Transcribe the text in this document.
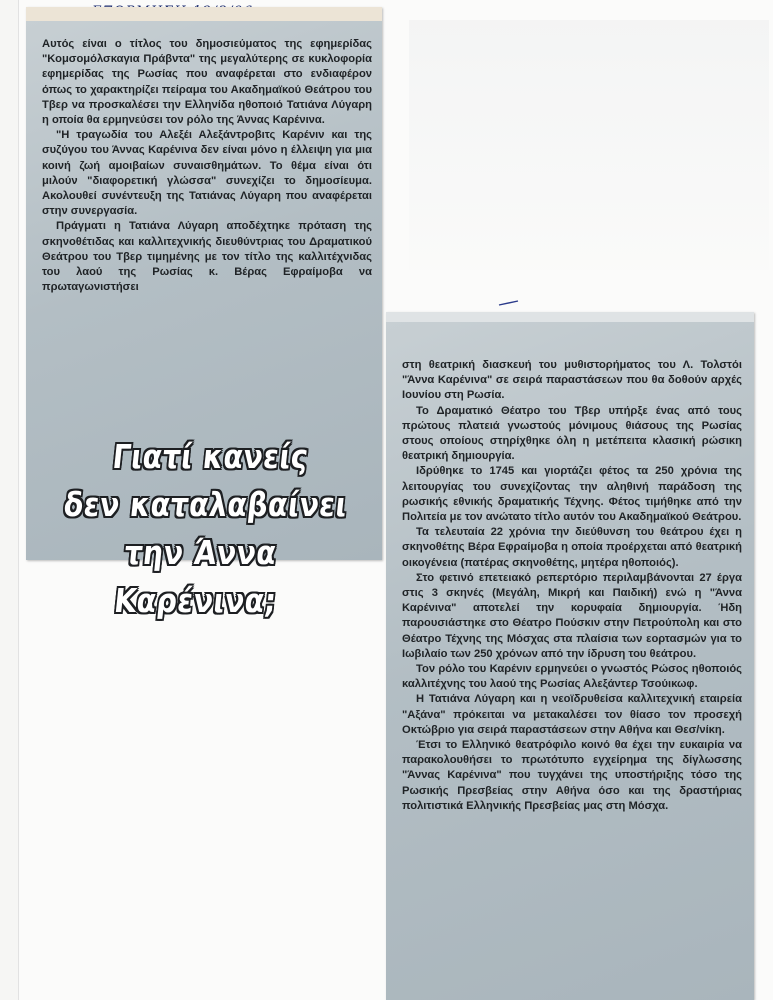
Αυτός είναι ο τίτλος του δημοσιεύματος της εφημερίδας "Κομσομόλσκαγια Πράβντα" της μεγαλύτερης σε κυκλοφορία εφημερίδας της Ρωσίας που αναφέρεται στο ενδιαφέρον όπως το χαρακτηρίζει πείραμα του Ακαδημαϊκού Θεάτρου του Τβερ να προσκαλέσει την Ελληνίδα ηθοποιό Τατιάνα Λύγαρη η οποία θα ερμηνεύσει τον ρόλο της Άννας Καρένινα.

"Η τραγωδία του Αλεξέι Αλεξάντροβιτς Καρένιν και της συζύγου του Άννας Καρένινα δεν είναι μόνο η έλλειψη για μια κοινή ζωή αμοιβαίων συναισθημάτων. Το θέμα είναι ότι μιλούν "διαφορετική γλώσσα" συνεχίζει το δημοσίευμα. Ακολουθεί συνέντευξη της Τατιάνας Λύγαρη που αναφέρεται στην συνεργασία.

Πράγματι η Τατιάνα Λύγαρη αποδέχτηκε πρόταση της σκηνοθέτιδας και καλλιτεχνικής διευθύντριας του Δραματικού Θεάτρου του Τβερ τιμημένης με τον τίτλο της καλλιτέχνιδας του λαού της Ρωσίας κ. Βέρας Εφραίμοβα να πρωταγωνιστήσει

Γιατί κανείς
δεν καταλαβαίνει
την Άννα Καρένινα;

στη θεατρική διασκευή του μυθιστορήματος του Λ. Τολστόι "Άννα Καρένινα" σε σειρά παραστάσεων που θα δοθούν αρχές Ιουνίου στη Ρωσία.

Το Δραματικό Θέατρο του Τβερ υπήρξε ένας από τους πρώτους πλατειά γνωστούς μόνιμους θιάσους της Ρωσίας στους οποίους στηρίχθηκε όλη η μετέπειτα κλασική ρώσικη θεατρική δημιουργία.

Ιδρύθηκε το 1745 και γιορτάζει φέτος τα 250 χρόνια της λειτουργίας του συνεχίζοντας την αληθινή παράδοση της ρωσικής εθνικής δραματικής Τέχνης. Φέτος τιμήθηκε από την Πολιτεία με τον ανώτατο τίτλο αυτόν του Ακαδημαϊκού Θεάτρου.

Τα τελευταία 22 χρόνια την διεύθυνση του θεάτρου έχει η σκηνοθέτης Βέρα Εφραίμοβα η οποία προέρχεται από θεατρική οικογένεια (πατέρας σκηνοθέτης, μητέρα ηθοποιός).

Στο φετινό επετειακό ρεπερτόριο περιλαμβάνονται 27 έργα στις 3 σκηνές (Μεγάλη, Μικρή και Παιδική) ενώ η "Άννα Καρένινα" αποτελεί την κορυφαία δημιουργία. Ήδη παρουσιάστηκε στο Θέατρο Πούσκιν στην Πετρούπολη και στο Θέατρο Τέχνης της Μόσχας στα πλαίσια των εορτασμών για το Ιωβιλαίο των 250 χρόνων από την ίδρυση του θεάτρου.

Τον ρόλο του Καρένιν ερμηνεύει ο γνωστός Ρώσος ηθοποιός καλλιτέχνης του λαού της Ρωσίας Αλεξάντερ Τσούικωφ.

Η Τατιάνα Λύγαρη και η νεοϊδρυθείσα καλλιτεχνική εταιρεία "Αξάνα" πρόκειται να μετακαλέσει τον θίασο τον προσεχή Οκτώβριο για σειρά παραστάσεων στην Αθήνα και Θεσ/νίκη.

Έτσι το Ελληνικό θεατρόφιλο κοινό θα έχει την ευκαιρία να παρακολουθήσει το πρωτότυπο εγχείρημα της δίγλωσσης "Άννας Καρένινα" που τυγχάνει της υποστήριξης τόσο της Ρωσικής Πρεσβείας στην Αθήνα όσο και της δραστήριας πολιτιστικά Ελληνικής Πρεσβείας μας στη Μόσχα.
